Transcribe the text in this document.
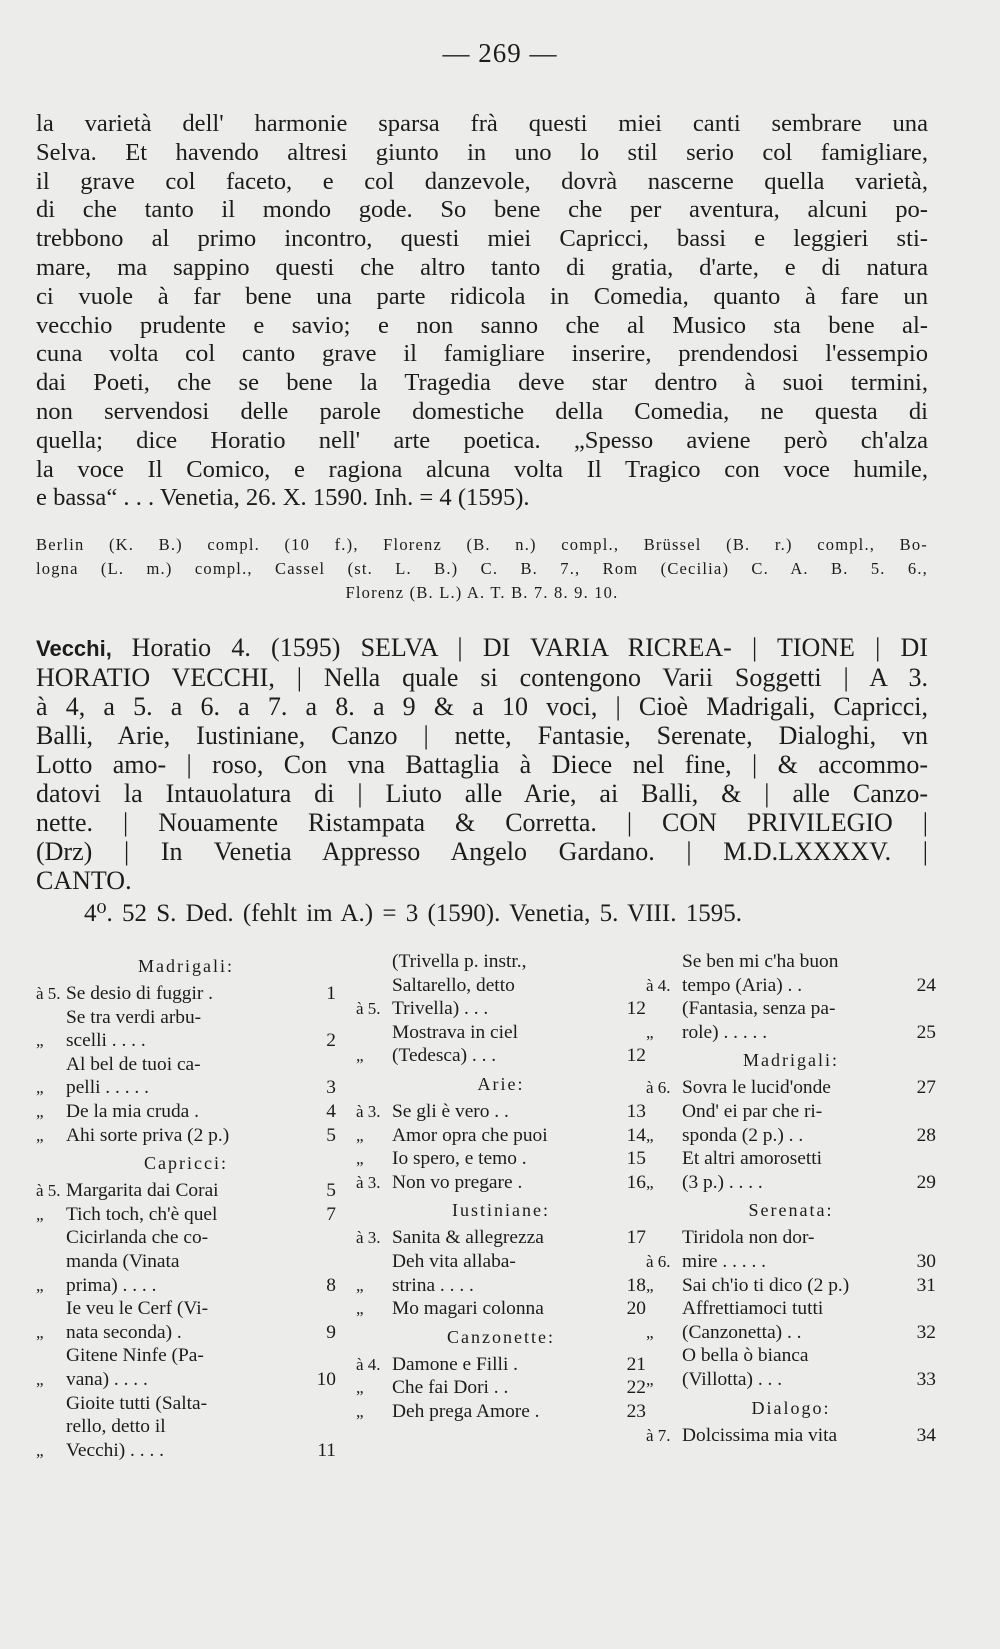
— 269 —
la varietà dell' harmonie sparsa frà questi miei canti sembrare una
Selva. Et havendo altresi giunto in uno lo stil serio col famigliare,
il grave col faceto, e col danzevole, dovrà nascerne quella varietà,
di che tanto il mondo gode. So bene che per aventura, alcuni po-
trebbono al primo incontro, questi miei Capricci, bassi e leggieri sti-
mare, ma sappino questi che altro tanto di gratia, d'arte, e di natura
ci vuole à far bene una parte ridicola in Comedia, quanto à fare un
vecchio prudente e savio; e non sanno che al Musico sta bene al-
cuna volta col canto grave il famigliare inserire, prendendosi l'essempio
dai Poeti, che se bene la Tragedia deve star dentro à suoi termini,
non servendosi delle parole domestiche della Comedia, ne questa di
quella; dice Horatio nell' arte poetica. „Spesso aviene però ch'alza
la voce Il Comico, e ragiona alcuna volta Il Tragico con voce humile,
e bassa“ . . . Venetia, 26. X. 1590. Inh. = 4 (1595).
Berlin (K. B.) compl. (10 f.), Florenz (B. n.) compl., Brüssel (B. r.) compl., Bo-
logna (L. m.) compl., Cassel (st. L. B.) C. B. 7., Rom (Cecilia) C. A. B. 5. 6.,
Florenz (B. L.) A. T. B. 7. 8. 9. 10.
Vecchi, Horatio 4. (1595) SELVA | DI VARIA RICREA- | TIONE | DI
HORATIO VECCHI, | Nella quale si contengono Varii Soggetti | A 3.
à 4, a 5. a 6. a 7. a 8. a 9 & a 10 voci, | Cioè Madrigali, Capricci,
Balli, Arie, Iustiniane, Canzo | nette, Fantasie, Serenate, Dialoghi, vn
Lotto amo- | roso, Con vna Battaglia à Diece nel fine, | & accommo-
datovi la Intauolatura di | Liuto alle Arie, ai Balli, & | alle Canzo-
nette. | Nouamente Ristampata & Corretta. | CON PRIVILEGIO |
(Drz) | In Venetia Appresso Angelo Gardano. | M.D.LXXXXV. |
CANTO.
4⁰. 52 S. Ded. (fehlt im A.) = 3 (1590). Venetia, 5. VIII. 1595.
Madrigali:
à 5. Se desio di fuggir .	1
„
Se tra verdi arbu-
scelli . . . .	2
„
Al bel de tuoi ca-
pelli . . . . .	3
„	De la mia cruda .	4
„	Ahi sorte priva (2 p.)	5
Capricci:
à 5. Margarita dai Corai	5
„	Tich toch, ch'è quel	7
„
Cicirlanda che co-
manda (Vinata
prima) . . . .	8
„
Ie veu le Cerf (Vi-
nata seconda) .	9
„
Gitene Ninfe (Pa-
vana) . . . .	10
„
Gioite tutti (Salta-
rello, detto il
Vecchi) . . . .	11
à 5.
(Trivella p. instr.,
Saltarello, detto
Trivella) . . .	12
„
Mostrava in ciel
(Tedesca) . . .	12
Arie:
à 3. Se gli è vero . .	13
„	Amor opra che puoi	14
„	Io spero, e temo .	15
à 3. Non vo pregare .	16
Iustiniane:
à 3. Sanita & allegrezza	17
„
Deh vita allaba-
strina . . . .	18
„	Mo magari colonna	20
Canzonette:
à 4. Damone e Filli .	21
„	Che fai Dori . .	22
„	Deh prega Amore .	23
à 4.
Se ben mi c'ha buon
tempo (Aria) . .	24
„
(Fantasia, senza pa-
role) . . . . .	25
Madrigali:
à 6. Sovra le lucid'onde	27
„
Ond' ei par che ri-
sponda (2 p.) . .	28
„
Et altri amorosetti
(3 p.) . . . .	29
Serenata:
à 6.
Tiridola non dor-
mire . . . . .	30
„	Sai ch'io ti dico (2 p.)	31
„
Affrettiamoci tutti
(Canzonetta) . .	32
„
O bella ò bianca
(Villotta) . . .	33
Dialogo:
à 7. Dolcissima mia vita	34
